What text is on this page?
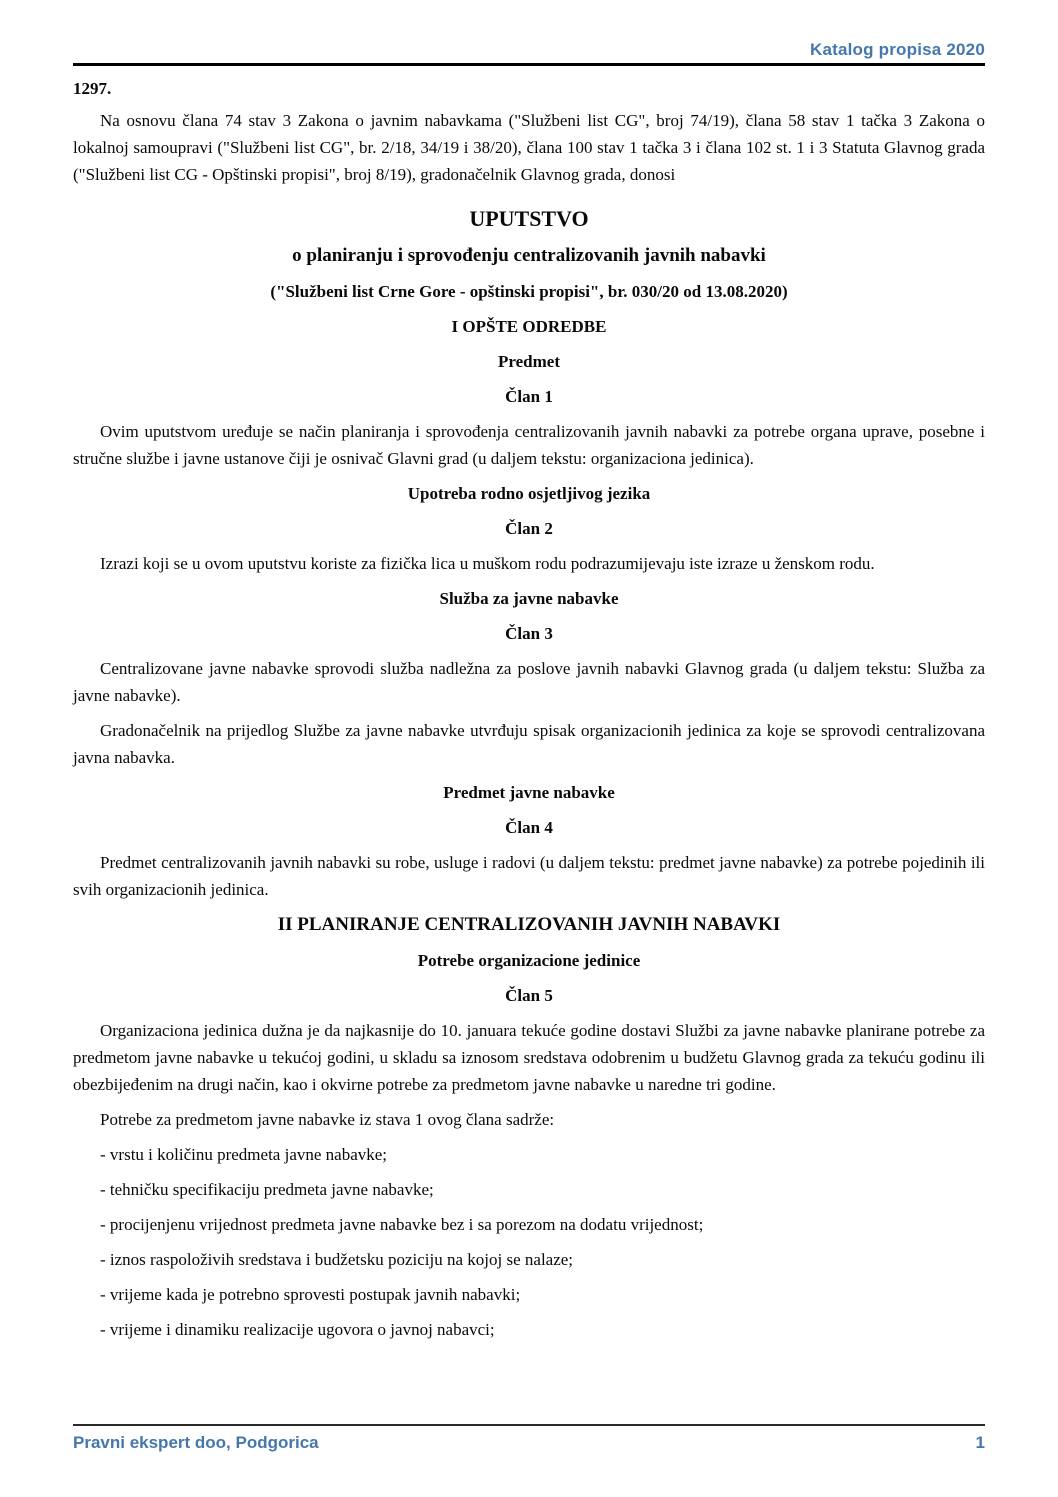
Katalog propisa 2020

1297.

Na osnovu člana 74 stav 3 Zakona o javnim nabavkama ("Službeni list CG", broj 74/19), člana 58 stav 1 tačka 3 Zakona o lokalnoj samoupravi ("Službeni list CG", br. 2/18, 34/19 i 38/20), člana 100 stav 1 tačka 3 i člana 102 st. 1 i 3 Statuta Glavnog grada ("Službeni list CG - Opštinski propisi", broj 8/19), gradonačelnik Glavnog grada, donosi

UPUTSTVO
o planiranju i sprovođenju centralizovanih javnih nabavki

("Službeni list Crne Gore - opštinski propisi", br. 030/20 od 13.08.2020)

I OPŠTE ODREDBE
Predmet
Član 1

Ovim uputstvom uređuje se način planiranja i sprovođenja centralizovanih javnih nabavki za potrebe organa uprave, posebne i stručne službe i javne ustanove čiji je osnivač Glavni grad (u daljem tekstu: organizaciona jedinica).

Upotreba rodno osjetljivog jezika
Član 2

Izrazi koji se u ovom uputstvu koriste za fizička lica u muškom rodu podrazumijevaju iste izraze u ženskom rodu.

Služba za javne nabavke
Član 3

Centralizovane javne nabavke sprovodi služba nadležna za poslove javnih nabavki Glavnog grada (u daljem tekstu: Služba za javne nabavke).

Gradonačelnik na prijedlog Službe za javne nabavke utvrđuju spisak organizacionih jedinica za koje se sprovodi centralizovana javna nabavka.

Predmet javne nabavke
Član 4

Predmet centralizovanih javnih nabavki su robe, usluge i radovi (u daljem tekstu: predmet javne nabavke) za potrebe pojedinih ili svih organizacionih jedinica.

II PLANIRANJE CENTRALIZOVANIH JAVNIH NABAVKI
Potrebe organizacione jedinice
Član 5

Organizaciona jedinica dužna je da najkasnije do 10. januara tekuće godine dostavi Službi za javne nabavke planirane potrebe za predmetom javne nabavke u tekućoj godini, u skladu sa iznosom sredstava odobrenim u budžetu Glavnog grada za tekuću godinu ili obezbijeđenim na drugi način, kao i okvirne potrebe za predmetom javne nabavke u naredne tri godine.

Potrebe za predmetom javne nabavke iz stava 1 ovog člana sadrže:

- vrstu i količinu predmeta javne nabavke;

- tehničku specifikaciju predmeta javne nabavke;

- procijenjenu vrijednost predmeta javne nabavke bez i sa porezom na dodatu vrijednost;

- iznos raspoloživih sredstava i budžetsku poziciju na kojoj se nalaze;

- vrijeme kada je potrebno sprovesti postupak javnih nabavki;

- vrijeme i dinamiku realizacije ugovora o javnoj nabavci;

Pravni ekspert doo, Podgorica	1
